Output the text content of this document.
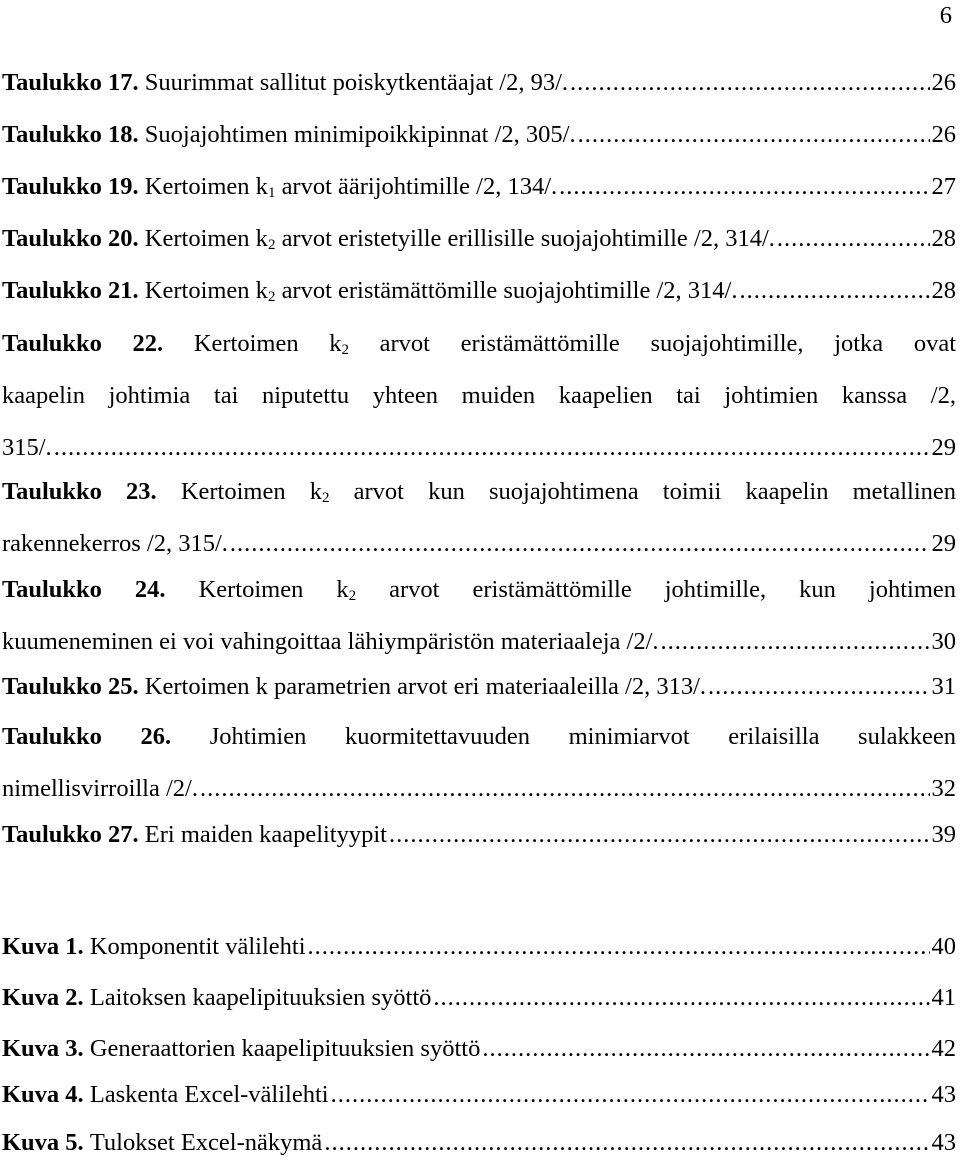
6
Taulukko 17.
Suurimmat sallitut poiskytkentäajat /2, 93/. .....	26
Taulukko 18.
Suojajohtimen minimipoikkipinnat /2, 305/. .....	26
Taulukko 19.
Kertoimen $k_1$ arvot äärijohtimille /2, 134/. .....	27
Taulukko 20.
Kertoimen $k_2$ arvot eristetyille erillisille suojajohtimille /2, 314/. .....	28
Taulukko 21.
Kertoimen $k_2$ arvot eristämättömille suojajohtimille /2, 314/. .....	28
Taulukko 22. Kertoimen $k_2$ arvot eristämättömille suojajohtimille, jotka ovat
kaapelin johtimia tai niputettu yhteen muiden kaapelien tai johtimien kanssa /2,
315/. .....	29
Taulukko 23. Kertoimen $k_2$ arvot kun suojajohtimena toimii kaapelin metallinen
rakennekerros /2, 315/. .....	29
Taulukko 24. Kertoimen $k_2$ arvot eristämättömille johtimille, kun johtimen
kuumeneminen ei voi vahingoittaa lähiympäristön materiaaleja /2/. .....	30
Taulukko 25.
Kertoimen k parametrien arvot eri materiaaleilla /2, 313/. .....	31
Taulukko 26. Johtimien kuormitettavuuden minimiarvot erilaisilla sulakkeen
nimellisvirroilla /2/. .....	32
Taulukko 27.
Eri maiden kaapelityypit .....	39
Kuva 1.
Komponentit välilehti .....	40
Kuva 2.
Laitoksen kaapelipituuksien syöttö .....	41
Kuva 3.
Generaattorien kaapelipituuksien syöttö .....	42
Kuva 4.
Laskenta Excel-välilehti .....	43
Kuva 5.
Tulokset Excel-näkymä .....	43
